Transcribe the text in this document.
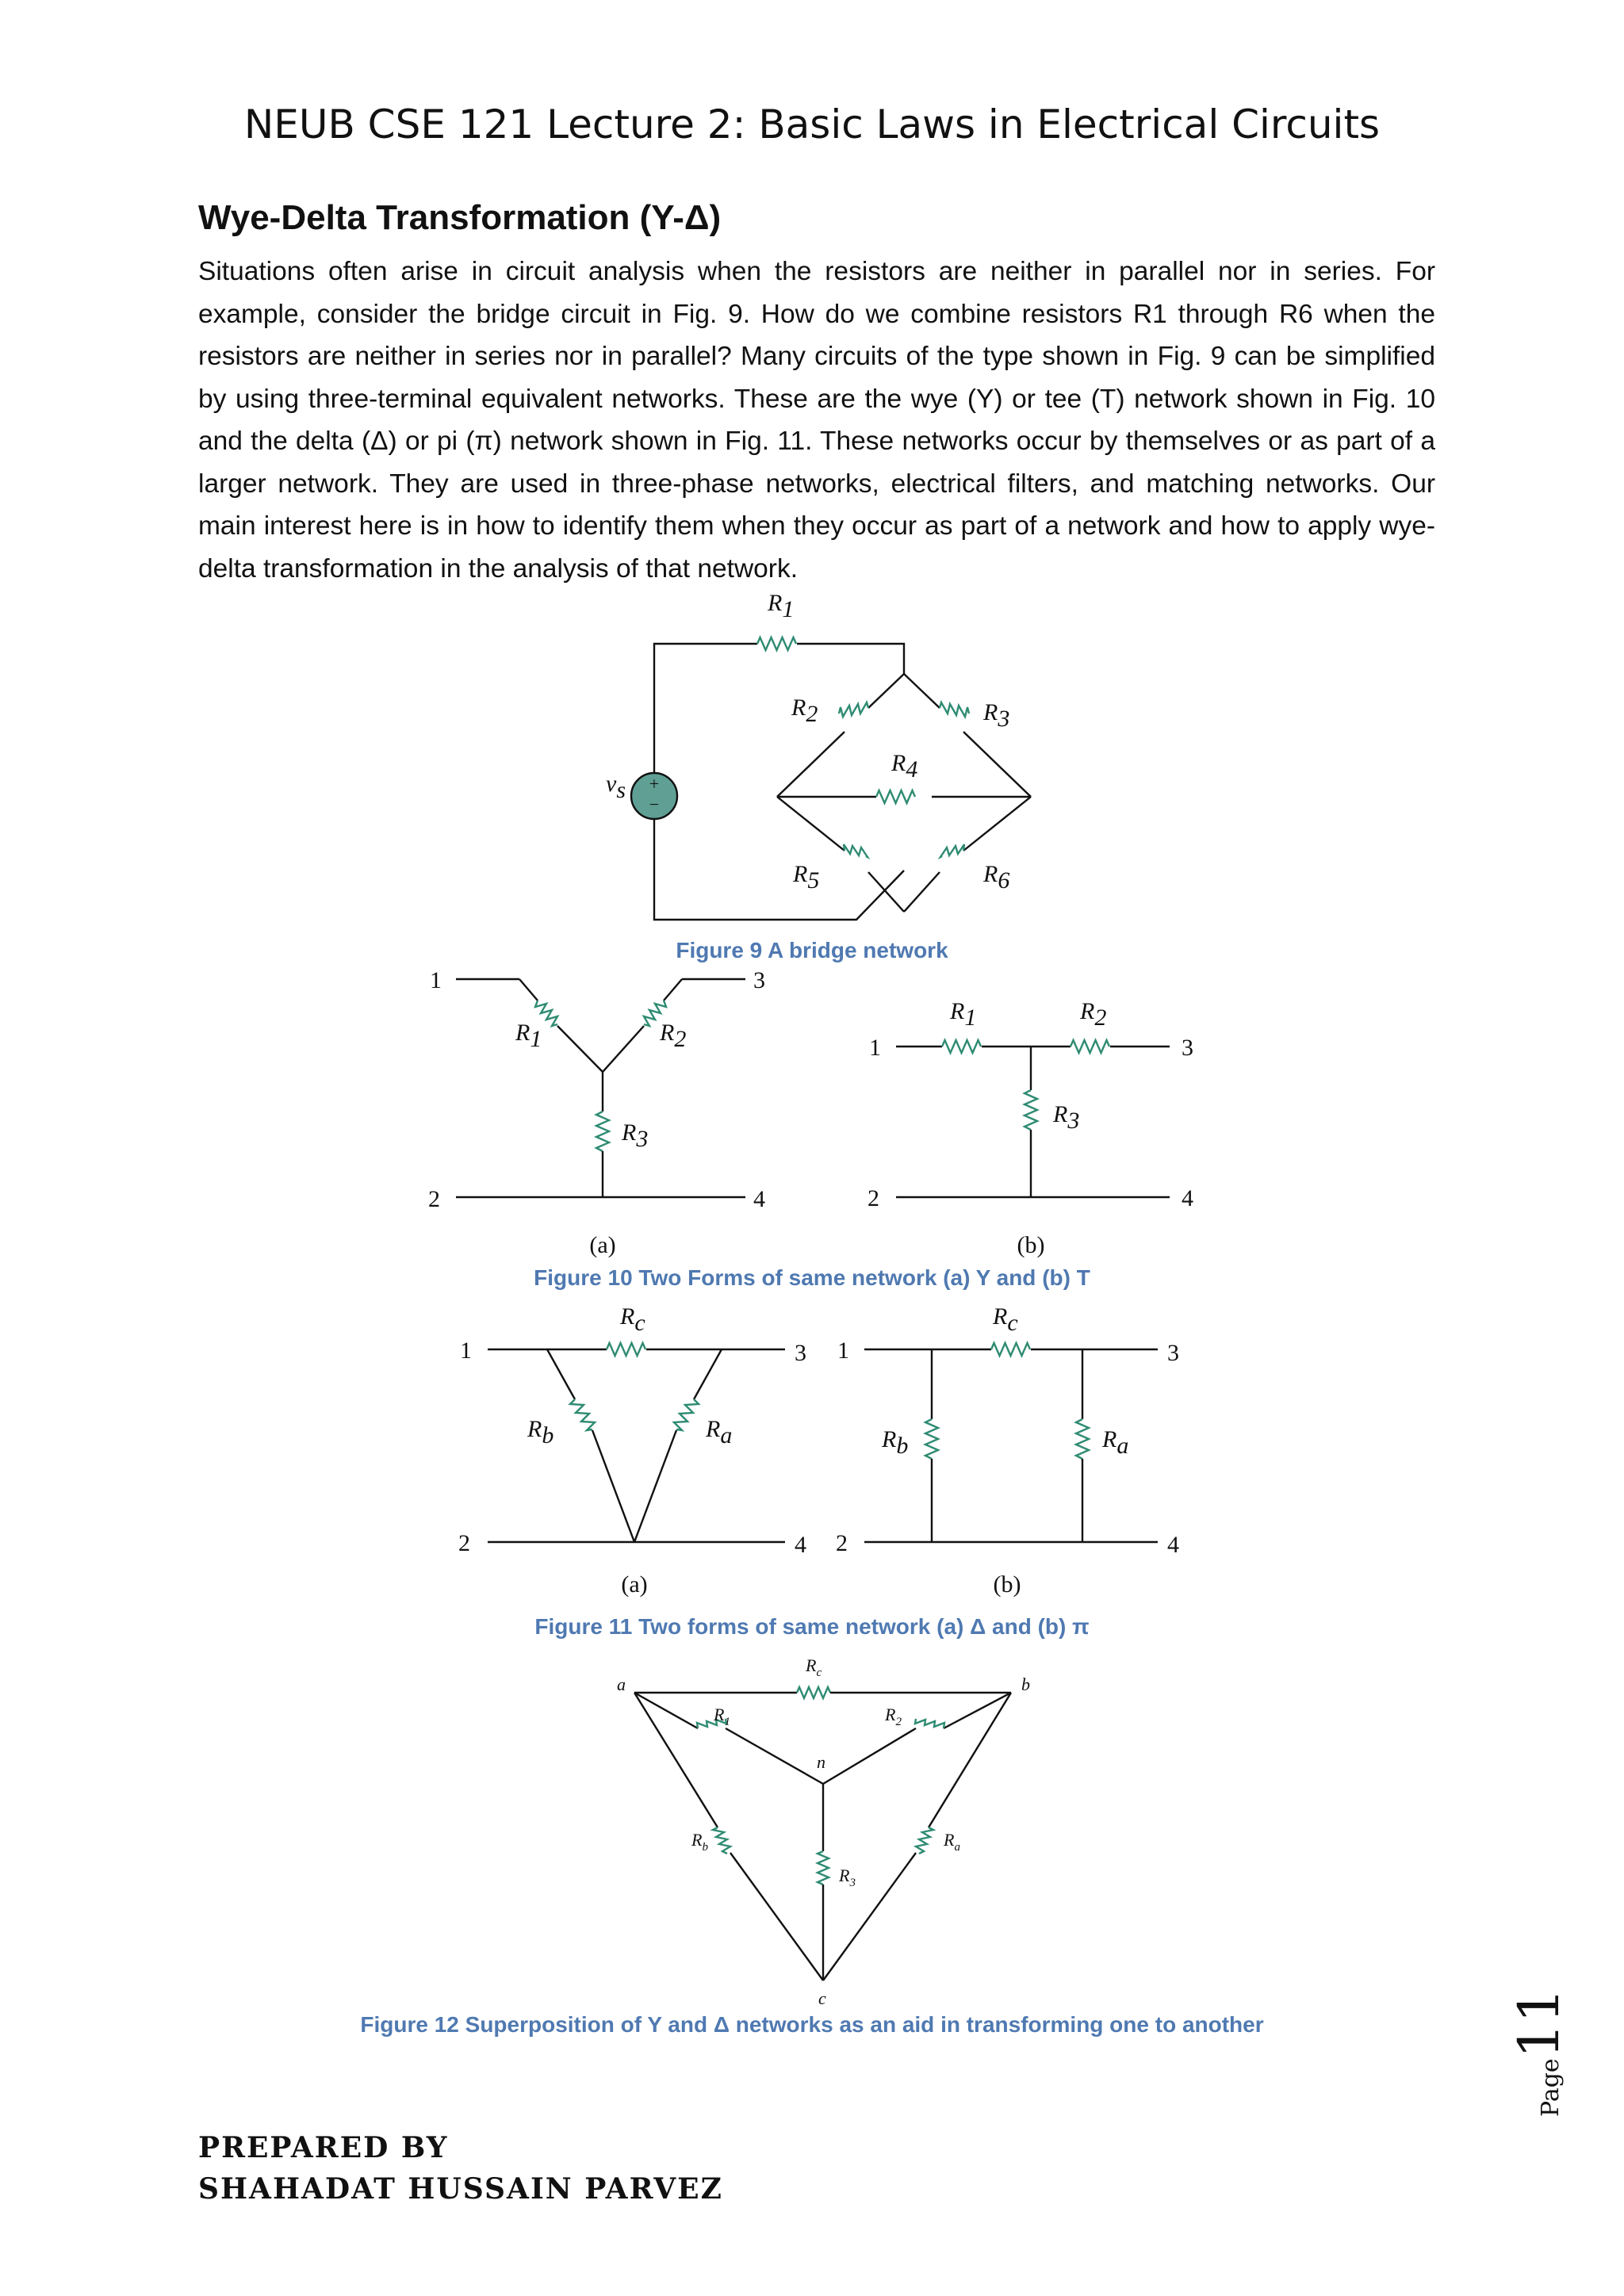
NEUB CSE 121 Lecture 2: Basic Laws in Electrical Circuits
Wye-Delta Transformation (Y-Δ)
Situations often arise in circuit analysis when the resistors are neither in parallel nor in series. For example, consider the bridge circuit in Fig. 9. How do we combine resistors R1 through R6 when the resistors are neither in series nor in parallel? Many circuits of the type shown in Fig. 9 can be simplified by using three-terminal equivalent networks. These are the wye (Y) or tee (T) network shown in Fig. 10 and the delta (Δ) or pi (π) network shown in Fig. 11. These networks occur by themselves or as part of a larger network. They are used in three-phase networks, electrical filters, and matching networks. Our main interest here is in how to identify them when they occur as part of a network and how to apply wye-delta transformation in the analysis of that network.
+
−
vs
R1
R2	R3
R4
R5	R6
Figure 9 A bridge network
1	3
2	4
R1	R2
R3
(a)
1	3
2	4
R1	R2
R3
(b)
Figure 10 Two Forms of same network (a) Y and (b) T
Rc
1	3
2	4
Rb	Ra
(a)
Rc
1	3
2	4
Rb	Ra
(b)
Figure 11 Two forms of same network (a) Δ and (b) π
a	b
c
n
$R_c$
$R_1$	$R_2$
$R_3$
$R_b$	$R_a$
Figure 12 Superposition of Y and Δ networks as an aid in transforming one to another
PREPARED BY
SHAHADAT HUSSAIN PARVEZ
Page11
